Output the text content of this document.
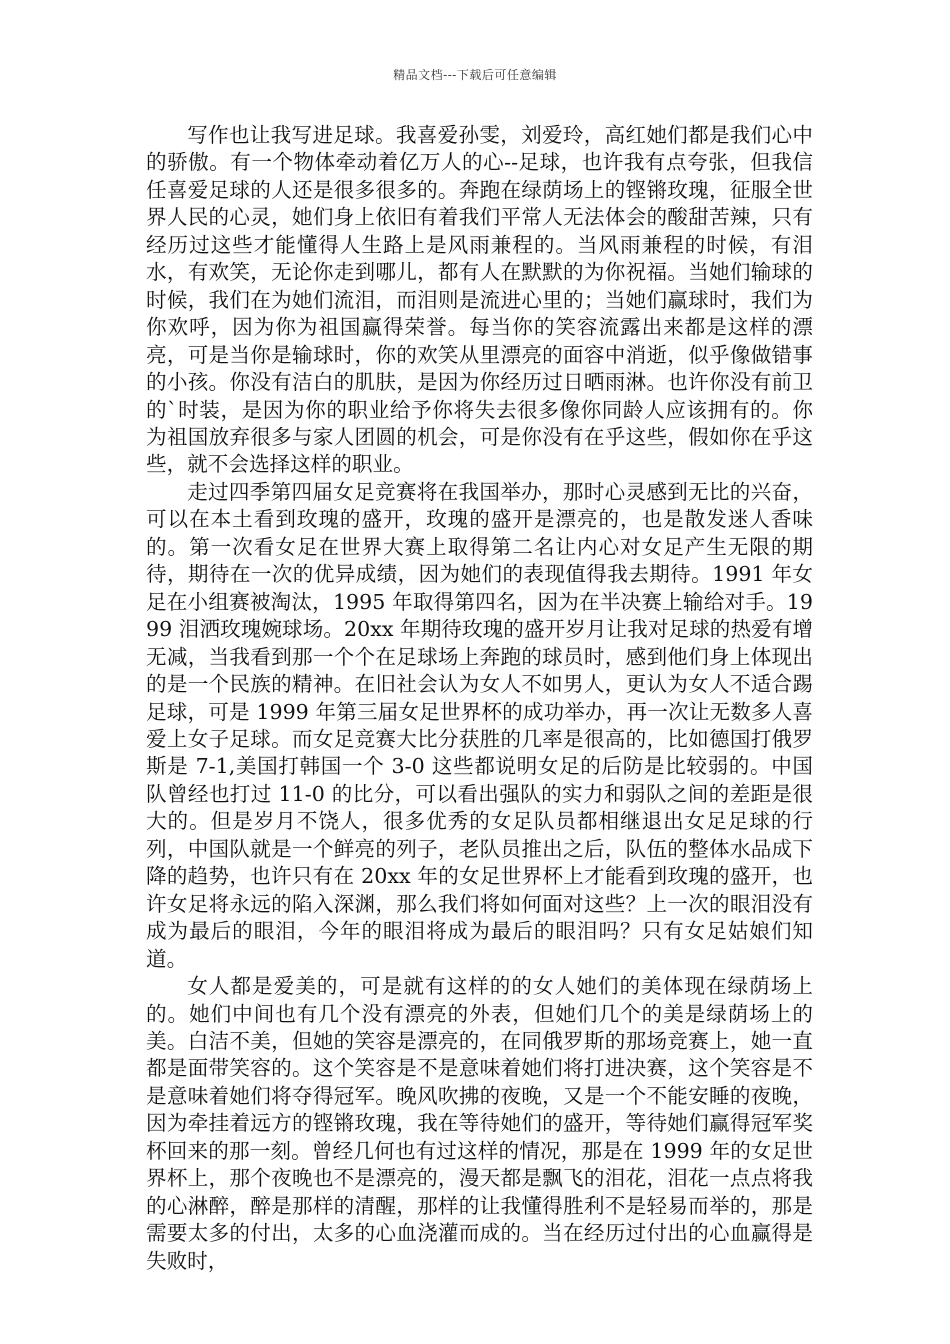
精品文档---下载后可任意编辑

写作也让我写进足球。我喜爱孙雯，刘爱玲，高红她们都是我们心中的骄傲。有一个物体牵动着亿万人的心--足球，也许我有点夸张，但我信任喜爱足球的人还是很多很多的。奔跑在绿荫场上的铿锵玫瑰，征服全世界人民的心灵，她们身上依旧有着我们平常人无法体会的酸甜苦辣，只有经历过这些才能懂得人生路上是风雨兼程的。当风雨兼程的时候，有泪水，有欢笑，无论你走到哪儿，都有人在默默的为你祝福。当她们输球的时候，我们在为她们流泪，而泪则是流进心里的；当她们赢球时，我们为你欢呼，因为你为祖国赢得荣誉。每当你的笑容流露出来都是这样的漂亮，可是当你是输球时，你的欢笑从里漂亮的面容中消逝，似乎像做错事的小孩。你没有洁白的肌肤，是因为你经历过日晒雨淋。也许你没有前卫的`时装，是因为你的职业给予你将失去很多像你同龄人应该拥有的。你为祖国放弃很多与家人团圆的机会，可是你没有在乎这些，假如你在乎这些，就不会选择这样的职业。

走过四季第四届女足竞赛将在我国举办，那时心灵感到无比的兴奋，可以在本土看到玫瑰的盛开，玫瑰的盛开是漂亮的，也是散发迷人香味的。第一次看女足在世界大赛上取得第二名让内心对女足产生无限的期待，期待在一次的优异成绩，因为她们的表现值得我去期待。1991 年女足在小组赛被淘汰，1995 年取得第四名，因为在半决赛上输给对手。1999 泪洒玫瑰婉球场。20xx 年期待玫瑰的盛开岁月让我对足球的热爱有增无减，当我看到那一个个在足球场上奔跑的球员时，感到他们身上体现出的是一个民族的精神。在旧社会认为女人不如男人，更认为女人不适合踢足球，可是 1999 年第三届女足世界杯的成功举办，再一次让无数多人喜爱上女子足球。而女足竞赛大比分获胜的几率是很高的，比如德国打俄罗斯是 7-1,美国打韩国一个 3-0 这些都说明女足的后防是比较弱的。中国队曾经也打过 11-0 的比分，可以看出强队的实力和弱队之间的差距是很大的。但是岁月不饶人，很多优秀的女足队员都相继退出女足足球的行列，中国队就是一个鲜亮的列子，老队员推出之后，队伍的整体水品成下降的趋势，也许只有在 20xx 年的女足世界杯上才能看到玫瑰的盛开，也许女足将永远的陷入深渊，那么我们将如何面对这些？上一次的眼泪没有成为最后的眼泪，今年的眼泪将成为最后的眼泪吗？只有女足姑娘们知道。

女人都是爱美的，可是就有这样的的女人她们的美体现在绿荫场上的。她们中间也有几个没有漂亮的外表，但她们几个的美是绿荫场上的美。白洁不美，但她的笑容是漂亮的，在同俄罗斯的那场竞赛上，她一直都是面带笑容的。这个笑容是不是意味着她们将打进决赛，这个笑容是不是意味着她们将夺得冠军。晚风吹拂的夜晚，又是一个不能安睡的夜晚，因为牵挂着远方的铿锵玫瑰，我在等待她们的盛开，等待她们赢得冠军奖杯回来的那一刻。曾经几何也有过这样的情况，那是在 1999 年的女足世界杯上，那个夜晚也不是漂亮的，漫天都是飘飞的泪花，泪花一点点将我的心淋醉，醉是那样的清醒，那样的让我懂得胜利不是轻易而举的，那是需要太多的付出，太多的心血浇灌而成的。当在经历过付出的心血赢得是失败时，
